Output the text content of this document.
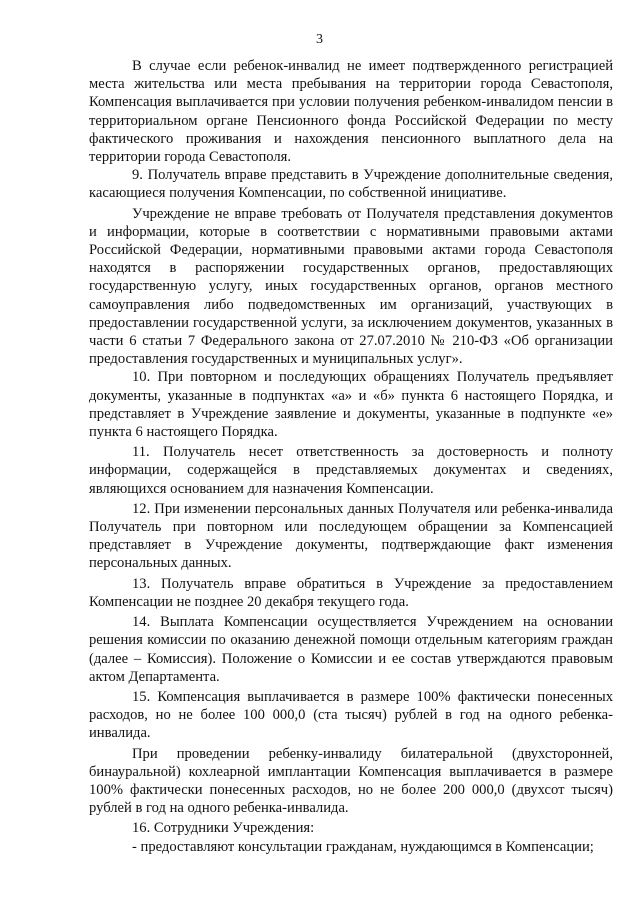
3

В случае если ребенок-инвалид не имеет подтвержденного регистрацией места жительства или места пребывания на территории города Севастополя, Компенсация выплачивается при условии получения ребенком-инвалидом пенсии в территориальном органе Пенсионного фонда Российской Федерации по месту фактического проживания и нахождения пенсионного выплатного дела на территории города Севастополя.

9. Получатель вправе представить в Учреждение дополнительные сведения, касающиеся получения Компенсации, по собственной инициативе.

Учреждение не вправе требовать от Получателя представления документов и информации, которые в соответствии с нормативными правовыми актами Российской Федерации, нормативными правовыми актами города Севастополя находятся в распоряжении государственных органов, предоставляющих государственную услугу, иных государственных органов, органов местного самоуправления либо подведомственных им организаций, участвующих в предоставлении государственной услуги, за исключением документов, указанных в части 6 статьи 7 Федерального закона от 27.07.2010 № 210-ФЗ «Об организации предоставления государственных и муниципальных услуг».

10. При повторном и последующих обращениях Получатель предъявляет документы, указанные в подпунктах «а» и «б» пункта 6 настоящего Порядка, и представляет в Учреждение заявление и документы, указанные в подпункте «е» пункта 6 настоящего Порядка.

11. Получатель несет ответственность за достоверность и полноту информации, содержащейся в представляемых документах и сведениях, являющихся основанием для назначения Компенсации.

12. При изменении персональных данных Получателя или ребенка-инвалида Получатель при повторном или последующем обращении за Компенсацией представляет в Учреждение документы, подтверждающие факт изменения персональных данных.

13. Получатель вправе обратиться в Учреждение за предоставлением Компенсации не позднее 20 декабря текущего года.

14. Выплата Компенсации осуществляется Учреждением на основании решения комиссии по оказанию денежной помощи отдельным категориям граждан (далее – Комиссия). Положение о Комиссии и ее состав утверждаются правовым актом Департамента.

15. Компенсация выплачивается в размере 100% фактически понесенных расходов, но не более 100 000,0 (ста тысяч) рублей в год на одного ребенка-инвалида.

При проведении ребенку-инвалиду билатеральной (двухсторонней, бинауральной) кохлеарной имплантации Компенсация выплачивается в размере 100% фактически понесенных расходов, но не более 200 000,0 (двухсот тысяч) рублей в год на одного ребенка-инвалида.

16. Сотрудники Учреждения:

- предоставляют консультации гражданам, нуждающимся в Компенсации;
